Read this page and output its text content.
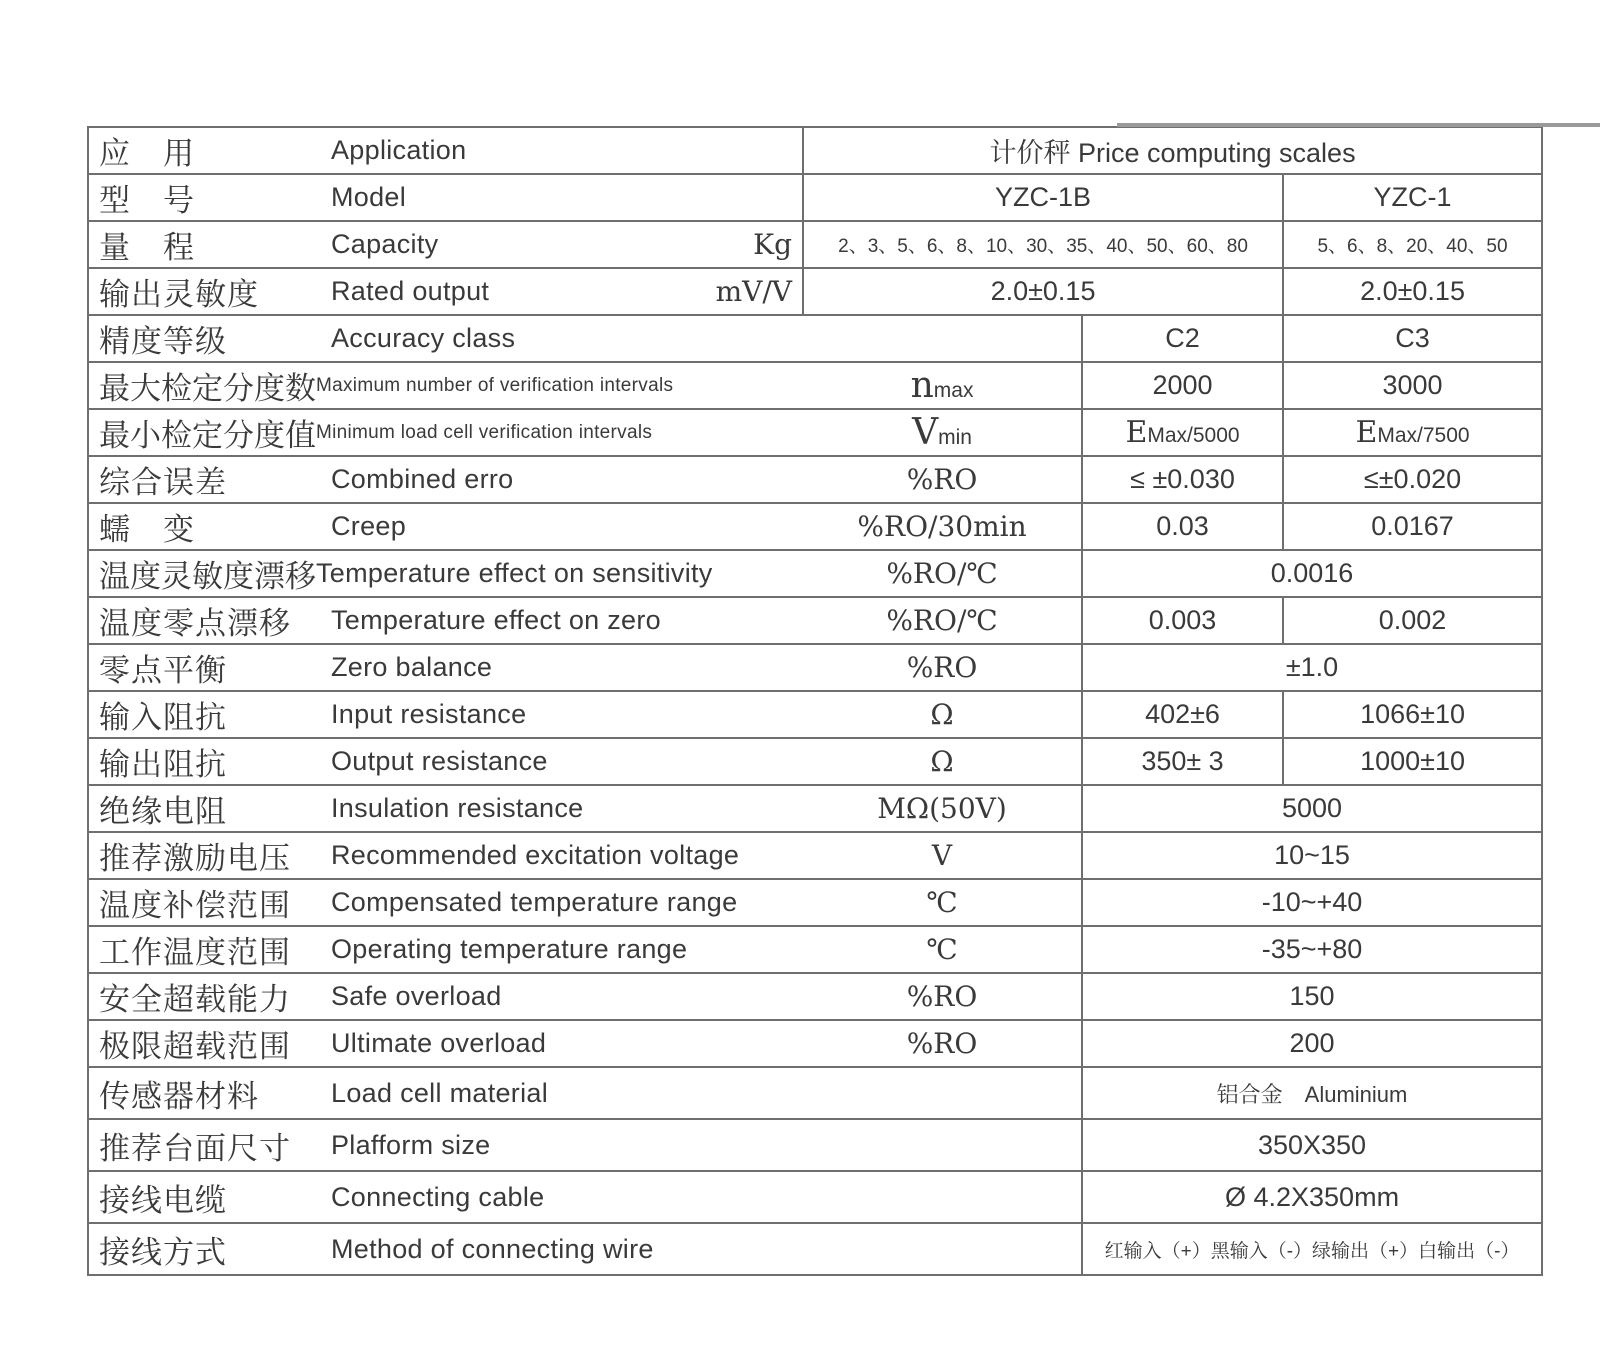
应　用 Application		计价秤 Price computing scales		
型　号 Model		YZC-1B		YZC-1
量　程 Capacity	Kg	2、3、5、6、8、10、30、35、40、50、60、80		5、6、8、20、40、50
输出灵敏度 Rated output	mV/V	2.0±0.15		2.0±0.15
精度等级 Accuracy class			C2	C3
最大检定分度数Maximum number of verification intervals		nmax	2000	3000
最小检定分度值Minimum load cell verification intervals		Vmin	EMax/5000	EMax/7500
综合误差 Combined erro		%RO	≤ ±0.030	≤±0.020
蠕　变 Creep		%RO/30min	0.03	0.0167
温度灵敏度漂移Temperature effect on sensitivity		%RO/℃	0.0016	
温度零点漂移 Temperature effect on zero		%RO/℃	0.003	0.002
零点平衡 Zero balance		%RO	±1.0	
输入阻抗 Input resistance		Ω	402±6	1066±10
输出阻抗 Output resistance		Ω	350± 3	1000±10
绝缘电阻 Insulation resistance		MΩ(50V)	5000	
推荐激励电压 Recommended excitation voltage		V	10~15	
温度补偿范围 Compensated temperature range		℃	-10~+40	
工作温度范围 Operating temperature range		℃	-35~+80	
安全超载能力 Safe overload		%RO	150	
极限超载范围 Ultimate overload		%RO	200	
传感器材料 Load cell material			铝合金　Aluminium	
推荐台面尺寸 Plafform size			350X350	
接线电缆 Connecting cable			Ø 4.2X350mm	
接线方式 Method of connecting wire			红输入（+）黑输入（-）绿输出（+）白输出（-）	
